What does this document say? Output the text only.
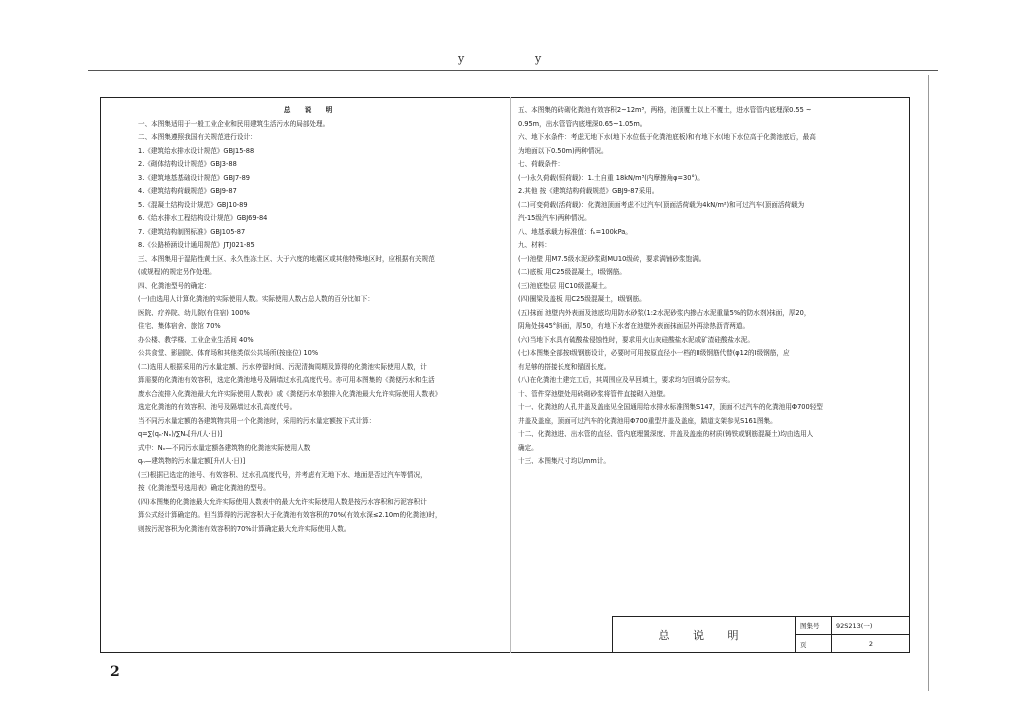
y	y
总 说 明
一、本图集适用于一般工业企业和民用建筑生活污水的局部处理。
二、本图集遵照我国有关规范进行设计：
1.《建筑给水排水设计规范》GBJ15-88
2.《砌体结构设计规范》GBJ3-88
3.《建筑地基基础设计规范》GBJ7-89
4.《建筑结构荷载规范》GBJ9-87
5.《混凝土结构设计规范》GBJ10-89
6.《给水排水工程结构设计规范》GBJ69-84
7.《建筑结构制图标准》GBJ105-87
8.《公路桥涵设计通用规范》JTJ021-85
三、本图集用于湿陷性黄土区、永久性冻土区、大于六度的地震区或其他特殊地区时，应根据有关规范
(或规程)的规定另作处理。
四、化粪池型号的确定：
(一)由选用人计算化粪池的实际使用人数。实际使用人数占总人数的百分比如下：
医院、疗养院、幼儿院(有住宿) 100%
住宅、集体宿舍、旅馆 70%
办公楼、教学楼、工业企业生活间 40%
公共食堂、影剧院、体育场和其他类似公共场所(按座位) 10%
(二)选用人根据采用的污水量定额、污水停留时间、污泥清掏周期及算得的化粪池实际使用人数，计
算需要的化粪池有效容积，选定化粪池地号及隔墙过水孔高度代号。亦可用本图集的《粪便污水和生活
废水合流排入化粪池最大允许实际使用人数表》或《粪便污水单独排入化粪池最大允许实际使用人数表》
选定化粪池的有效容积、池号及隔墙过水孔高度代号。
当不同污水量定额的各建筑物共用一个化粪池时，采用的污水量定额按下式计算：
q=∑(qₙ·Nₙ)/∑Nₙ[升/(人·日)]
式中：Nₙ—不同污水量定额各建筑物的化粪池实际使用人数
qₙ—建筑物的污水量定额[升/(人·日)]
(三)根据已选定的池号、有效容积、过水孔高度代号，并考虑有无地下水、地面是否过汽车等情况，
按《化粪池型号选用表》确定化粪池的型号。
(四)本图集的化粪池最大允许实际使用人数表中的最大允许实际使用人数是按污水容积和污泥容积计
算公式经计算确定的。但当算得的污泥容积大于化粪池有效容积的70%(有效水深≤2.10m的化粪池)时，
则按污泥容积为化粪池有效容积的70%计算确定最大允许实际使用人数。
五、本图集的砖砌化粪池有效容积2~12m³，两格，池顶覆土以上不覆土，进水管管内底埋深0.55 ~
0.95m，出水管管内底埋深0.65~1.05m。
六、地下水条件：考虑无地下水(地下水位低于化粪池底板)和有地下水(地下水位高于化粪池底后，最高
为地面以下0.50m)两种情况。
七、荷载条件：
(一)永久荷载(恒荷载)：1.土自重 18kN/m³(内摩擦角φ=30°)。
2.其他 按《建筑结构荷载规范》GBJ9-87采用。
(二)可变荷载(活荷载)：化粪池顶面考虑不过汽车(顶面活荷载为4kN/m²)和可过汽车(顶面活荷载为
汽-15级汽车)两种情况。
八、地基承载力标准值：fₖ=100kPa。
九、材料：
(一)池壁 用M7.5级水泥砂浆砌MU10级砖，要求满铺砂浆饱满。
(二)底板 用C25级混凝土，Ⅰ级钢筋。
(三)池底垫层 用C10级混凝土。
(四)圈梁及盖板 用C25级混凝土，Ⅰ级钢筋。
(五)抹面 池壁内外表面及池底均用防水砂浆(1:2水泥砂浆内掺占水泥重量5%的防水剂)抹面，厚20，
阴角处抹45°斜面，厚50，有地下水者在池壁外表面抹面层外再涂热沥青两道。
(六)当地下水具有硫酸盐侵蚀性时，要求用火山灰硅酸盐水泥或矿渣硅酸盐水泥。
(七)本图集全部按Ⅰ级钢筋设计，必要时可用按原直径小一档的Ⅱ级钢筋代替(φ12的Ⅰ级钢筋，应
有足够的搭接长度和锚固长度。
(八)在化粪池土建完工后，其周围应及早回填土，要求均匀回填分层夯实。
十、管件穿池壁处用砖砌砂浆将管件直接砌入池壁。
十一、化粪池的人孔井盖及盖座见全国通用给水排水标准图集S147，顶面不过汽车的化粪池用Φ700轻型
井盖及盖座，顶面可过汽车的化粪池用Φ700重型井盖及盖座，踏道支架参见S161图集。
十二、化粪池进、出水管的直径、管内底埋置深度、井盖及盖座的材质(铸铁或钢筋混凝土)均由选用人
确定。
十三、本图集尺寸均以mm计。
总 说 明
图集号	92S213(一)
页	2
2
